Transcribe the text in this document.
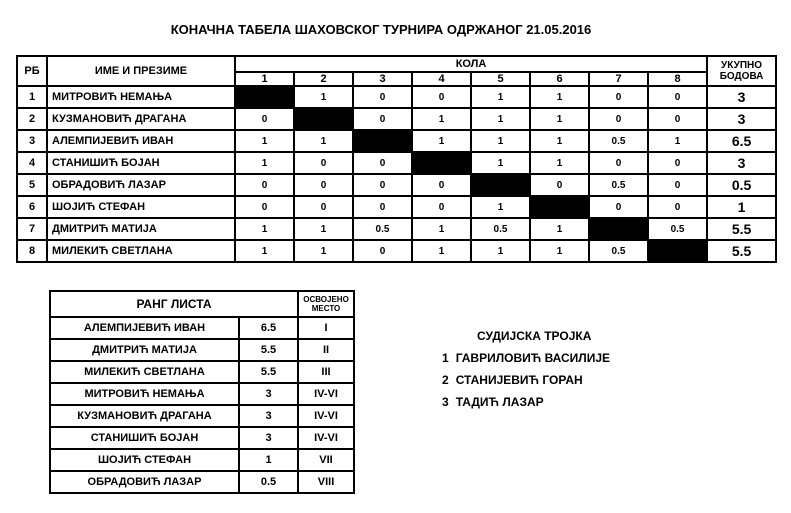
КОНАЧНА ТАБЕЛА ШАХОВСКОГ ТУРНИРА ОДРЖАНОГ 21.05.2016
РБ	ИМЕ И ПРЕЗИМЕ	КОЛА								УКУПНО
БОДОВА

		1	2	3	4	5	6	7	8	
1	МИТРОВИЋ НЕМАЊА		1	0	0	1	1	0	0	3
2	КУЗМАНОВИЋ ДРАГАНА	0		0	1	1	1	0	0	3
3	АЛЕМПИЈЕВИЋ ИВАН	1	1		1	1	1	0.5	1	6.5
4	СТАНИШИЋ БОЈАН	1	0	0		1	1	0	0	3
5	ОБРАДОВИЋ ЛАЗАР	0	0	0	0		0	0.5	0	0.5
6	ШОЈИЋ СТЕФАН	0	0	0	0	1		0	0	1
7	ДМИТРИЋ МАТИЈА	1	1	0.5	1	0.5	1		0.5	5.5
8	МИЛЕКИЋ СВЕТЛАНА	1	1	0	1	1	1	0.5		5.5
РАНГ ЛИСТА		ОСВОЈЕНО
МЕСТО

АЛЕМПИЈЕВИЋ ИВАН	6.5	I
ДМИТРИЋ МАТИЈА	5.5	II
МИЛЕКИЋ СВЕТЛАНА	5.5	III
МИТРОВИЋ НЕМАЊА	3	IV-VI
КУЗМАНОВИЋ ДРАГАНА	3	IV-VI
СТАНИШИЋ БОЈАН	3	IV-VI
ШОЈИЋ СТЕФАН	1	VII
ОБРАДОВИЋ ЛАЗАР	0.5	VIII
СУДИЈСКА ТРОЈКА
1 ГАВРИЛОВИЋ ВАСИЛИЈЕ
2 СТАНИЈЕВИЋ ГОРАН
3 ТАДИЋ ЛАЗАР
